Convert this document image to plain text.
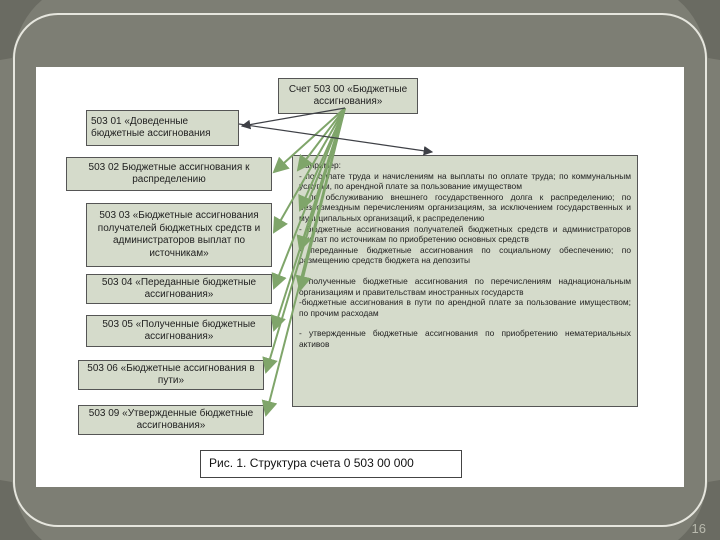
Счет 503 00 «Бюджетные ассигнования»
503 01 «Доведенные бюджетные ассигнования
503 02 Бюджетные ассигнования к распределению
503 03 «Бюджетные ассигнования получателей бюджетных средств и администраторов выплат по источникам»
503 04 «Переданные бюджетные ассигнования»
503 05 «Полученные бюджетные ассигнования»
503 06 «Бюджетные ассигнования в пути»
503 09 «Утвержденные бюджетные ассигнования»

Например:

- по оплате труда и начислениям на выплаты по оплате труда; по коммунальным услугам, по арендной плате за пользование имуществом

- по обслуживанию внешнего государственного долга к распределению; по безвозмездным перечислениям организациям, за исключением государственных и муниципальных организаций, к распределению

- бюджетные ассигнования получателей бюджетных средств и администраторов выплат по источникам по приобретению основных средств

- переданные бюджетные ассигнования по социальному обеспечению; по размещению средств бюджета на депозиты

- полученные бюджетные ассигнования по перечислениям наднациональным организациям и правительствам иностранных государств

-бюджетные ассигнования в пути по арендной плате за пользование имуществом; по прочим расходам

- утвержденные бюджетные ассигнования по приобретению нематериальных активов

Рис. 1. Структура счета 0 503 00 000
16
